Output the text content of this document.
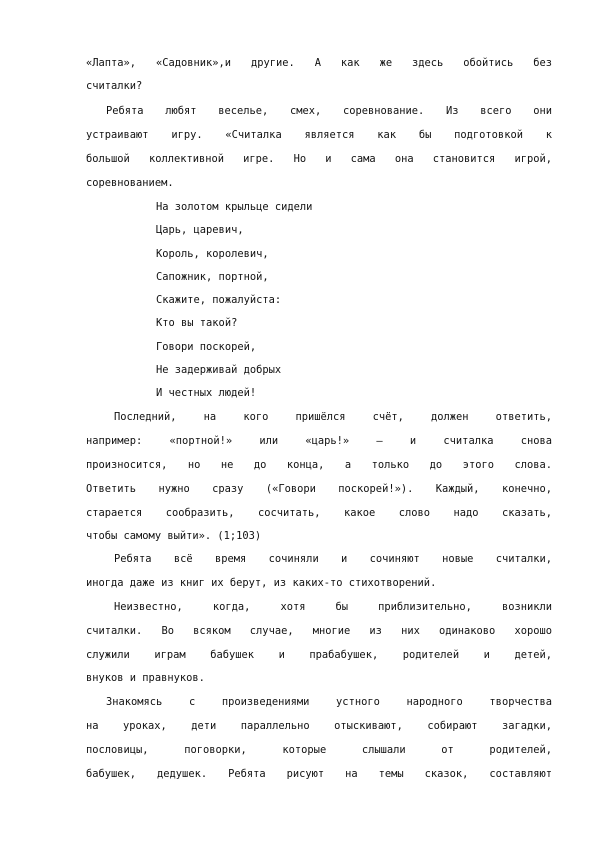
«Лапта», «Садовник»,и другие. А как же здесь обойтись без
считалки?
Ребята любят веселье, смех, соревнование. Из всего они
устраивают игру. «Считалка является как бы подготовкой к
большой коллективной игре. Но и сама она становится игрой,
соревнованием.
На золотом крыльце сидели
Царь, царевич,
Король, королевич,
Сапожник, портной,
Скажите, пожалуйста:
Кто вы такой?
Говори поскорей,
Не задерживай добрых
И честных людей!
Последний, на кого пришёлся счёт, должен ответить,
например: «портной!» или «царь!» – и считалка снова
произносится, но не до конца, а только до этого слова.
Ответить нужно сразу («Говори поскорей!»). Каждый, конечно,
старается сообразить, сосчитать, какое слово надо сказать,
чтобы самому выйти». (1;103)
Ребята всё время сочиняли и сочиняют новые считалки,
иногда даже из книг их берут, из каких-то стихотворений.
Неизвестно, когда, хотя бы приблизительно, возникли
считалки. Во всяком случае, многие из них одинаково хорошо
служили играм бабушек и прабабушек, родителей и детей,
внуков и правнуков.
Знакомясь с произведениями устного народного творчества
на уроках, дети параллельно отыскивают, собирают загадки,
пословицы, поговорки, которые слышали от родителей,
бабушек, дедушек. Ребята рисуют на темы сказок, составляют
